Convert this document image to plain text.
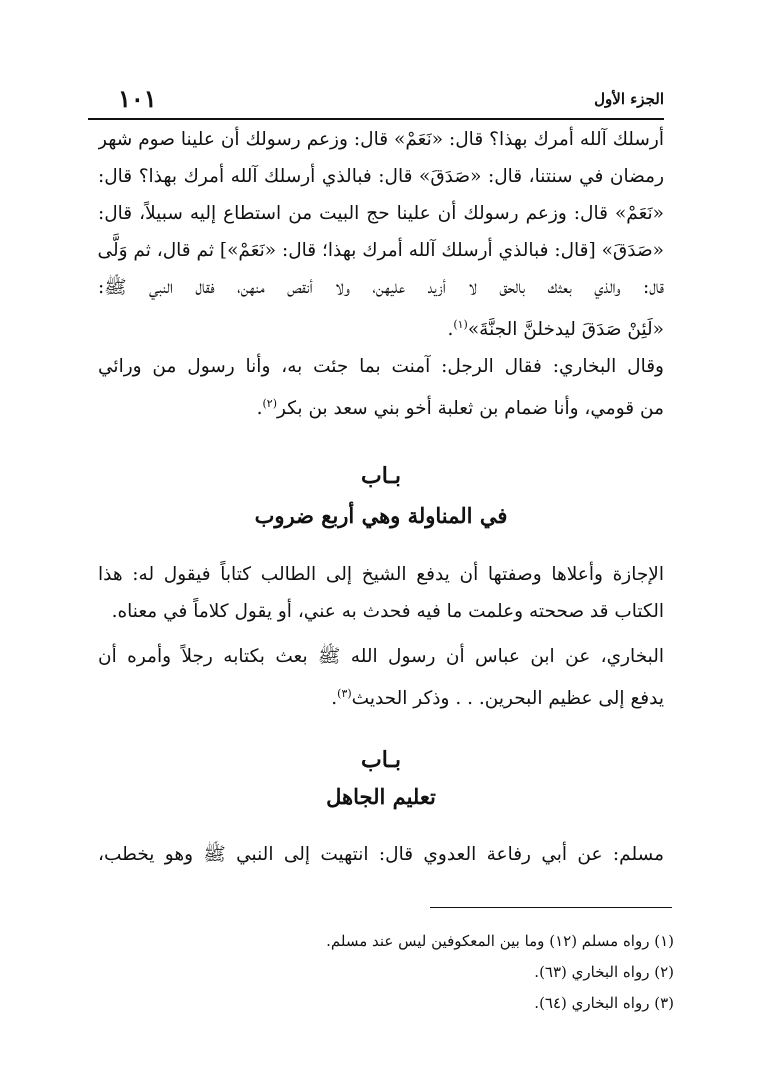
الجزء الأول
١٠١
أرسلك آلله أمرك بهذا؟ قال: «نَعَمْ» قال: وزعم رسولك أن علينا صوم شهر
رمضان في سنتنا، قال: «صَدَقَ» قال: فبالذي أرسلك آلله أمرك بهذا؟ قال:
«نَعَمْ» قال: وزعم رسولك أن علينا حج البيت من استطاع إليه سبيلاً، قال:
«صَدَقَ» [قال: فبالذي أرسلك آلله أمرك بهذا؛ قال: «نَعَمْ»] ثم قال، ثم وَلَّى
قال: والذي بعثك بالحق لا أزيد عليهن، ولا أنقص منهن، فقال النبي ﷺ:
«لَئِنْ صَدَقَ ليدخلنَّ الجنَّةَ»$^{(١)}$.
وقال البخاري: فقال الرجل: آمنت بما جئت به، وأنا رسول من ورائي
من قومي، وأنا ضمام بن ثعلبة أخو بني سعد بن بكر$^{(٢)}$.
بـاب
في المناولة وهي أربع ضروب
الإجازة وأعلاها وصفتها أن يدفع الشيخ إلى الطالب كتاباً فيقول له: هذا
الكتاب قد صححته وعلمت ما فيه فحدث به عني، أو يقول كلاماً في معناه.
البخاري، عن ابن عباس أن رسول الله ﷺ بعث بكتابه رجلاً وأمره أن
يدفع إلى عظيم البحرين. . . وذكر الحديث$^{(٣)}$.
بـاب
تعليم الجاهل
مسلم: عن أبي رفاعة العدوي قال: انتهيت إلى النبي ﷺ وهو يخطب،
(١) رواه مسلم (١٢) وما بين المعكوفين ليس عند مسلم.
(٢) رواه البخاري (٦٣).
(٣) رواه البخاري (٦٤).
